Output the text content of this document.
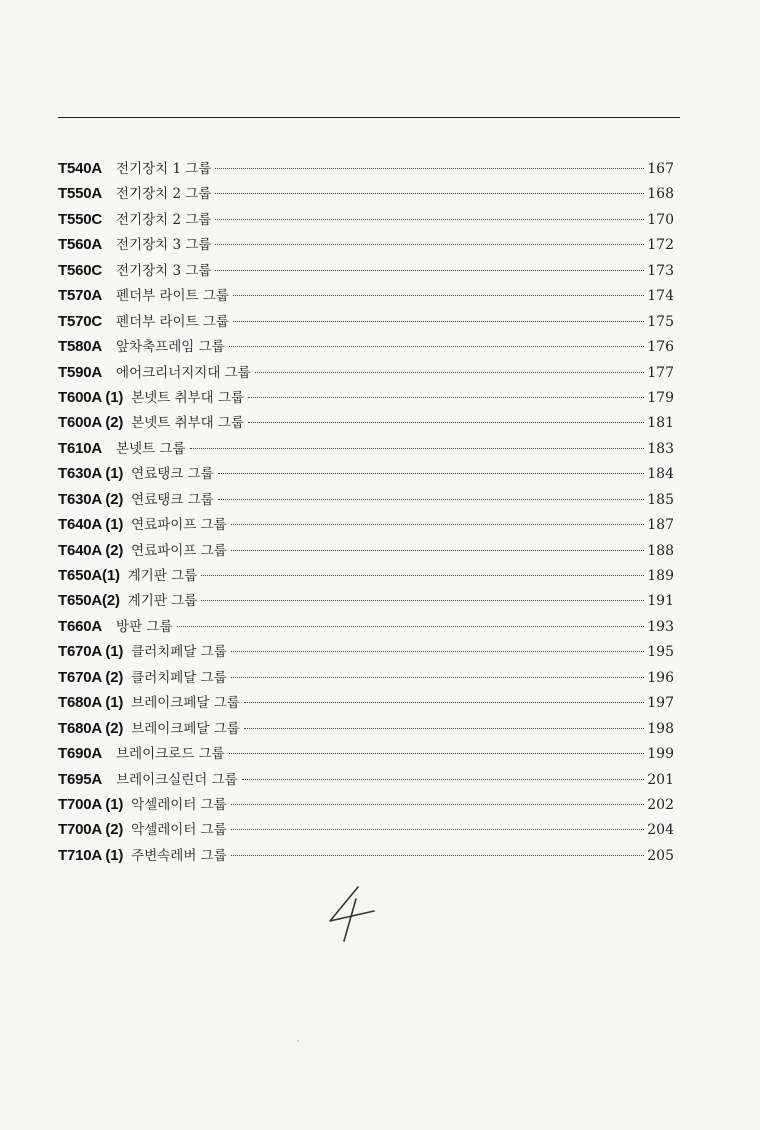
T540A 전기장치 1 그룹	167
T550A 전기장치 2 그룹	168
T550C 전기장치 2 그룹	170
T560A 전기장치 3 그룹	172
T560C 전기장치 3 그룹	173
T570A 펜더부 라이트 그룹	174
T570C 펜더부 라이트 그룹	175
T580A 앞차축프레임 그룹	176
T590A 에어크리너지지대 그룹	177
T600A (1) 본넷트 취부대 그룹	179
T600A (2) 본넷트 취부대 그룹	181
T610A 본넷트 그룹	183
T630A (1) 연료탱크 그룹	184
T630A (2) 연료탱크 그룹	185
T640A (1) 연료파이프 그룹	187
T640A (2) 연료파이프 그룹	188
T650A(1) 계기판 그룹	189
T650A(2) 계기판 그룹	191
T660A 방판 그룹	193
T670A (1) 클러치페달 그룹	195
T670A (2) 클러치페달 그룹	196
T680A (1) 브레이크페달 그룹	197
T680A (2) 브레이크페달 그룹	198
T690A 브레이크로드 그룹	199
T695A 브레이크실린더 그룹	201
T700A (1) 악셀레이터 그룹	202
T700A (2) 악셀레이터 그룹	204
T710A (1) 주변속레버 그룹	205
